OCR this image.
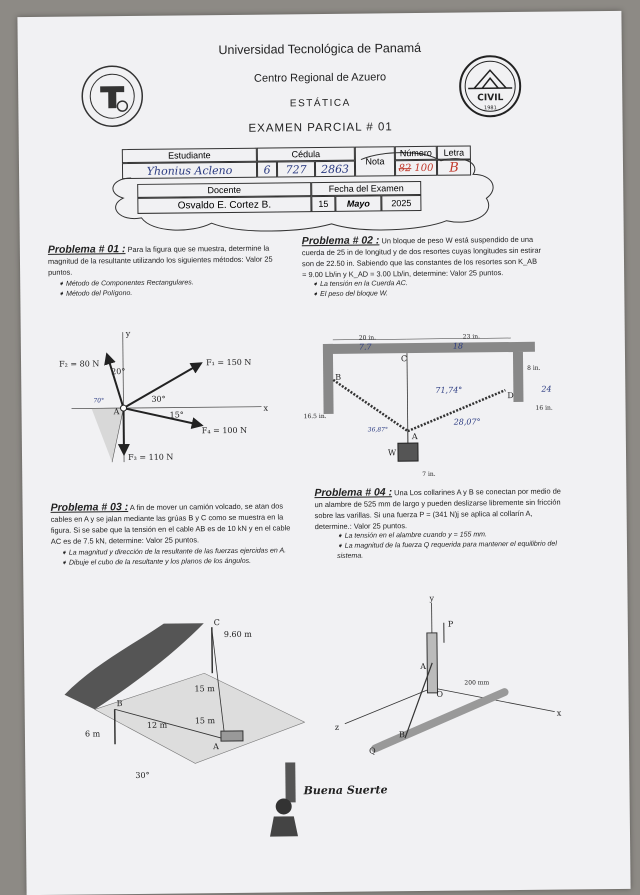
CIVIL
1981
Universidad Tecnológica de Panamá
Centro Regional de Azuero
ESTÁTICA
EXAMEN PARCIAL # 01
Estudiante	Cédula
Nota
Número	Letra
Yhonius Acleno	6	727	2863	82 100	B
Docente	Fecha del Examen
Osvaldo E. Cortez B.	15	Mayo	2025
Problema # 01 : Para la figura que se muestra, determine la magnitud de la resultante utilizando los siguientes métodos: Valor 25 puntos.
➧ Método de Componentes Rectangulares.
➧ Método del Polígono.
y
x
F₂ = 80 N	F₁ = 150 N
F₄ = 100 N
F₃ = 110 N
20°
30°
15°
A
70°
Problema # 02 : Un bloque de peso W está suspendido de una cuerda de 25 in de longitud y de dos resortes cuyas longitudes sin estirar son de 22.50 in. Sabiendo que las constantes de los resortes son K_AB = 9.00 Lb/in y K_AD = 3.00 Lb/in, determine: Valor 25 puntos.
➧ La tensión en la Cuerda AC.
➧ El peso del bloque W.
20 in.	23 in.
8 in.
16 in.
16.5 in.
7 in.
B
C
D
A
W
71,74°
28,07°
36,87°
24
7.7	18
Problema # 03 : A fin de mover un camión volcado, se atan dos cables en A y se jalan mediante las grúas B y C como se muestra en la figura. Si se sabe que la tensión en el cable AB es de 10 kN y en el cable AC es de 7.5 kN, determine: Valor 25 puntos.
➧ La magnitud y dirección de la resultante de las fuerzas ejercidas en A.
➧ Dibuje el cubo de la resultante y los planos de los ángulos.
9.60 m
15 m
15 m
12 m
6 m
30°
B
C
A
Problema # 04 : Una Los collarines A y B se conectan por medio de un alambre de 525 mm de largo y pueden deslizarse libremente sin fricción sobre las varillas. Si una fuerza P = (341 N)j se aplica al collarín A, determine.: Valor 25 puntos.
➧ La tensión en el alambre cuando y = 155 mm.
➧ La magnitud de la fuerza Q requerida para mantener el equilibrio del sistema.
y
x
z
P
Q
A
B
O
200 mm
Buena Suerte
